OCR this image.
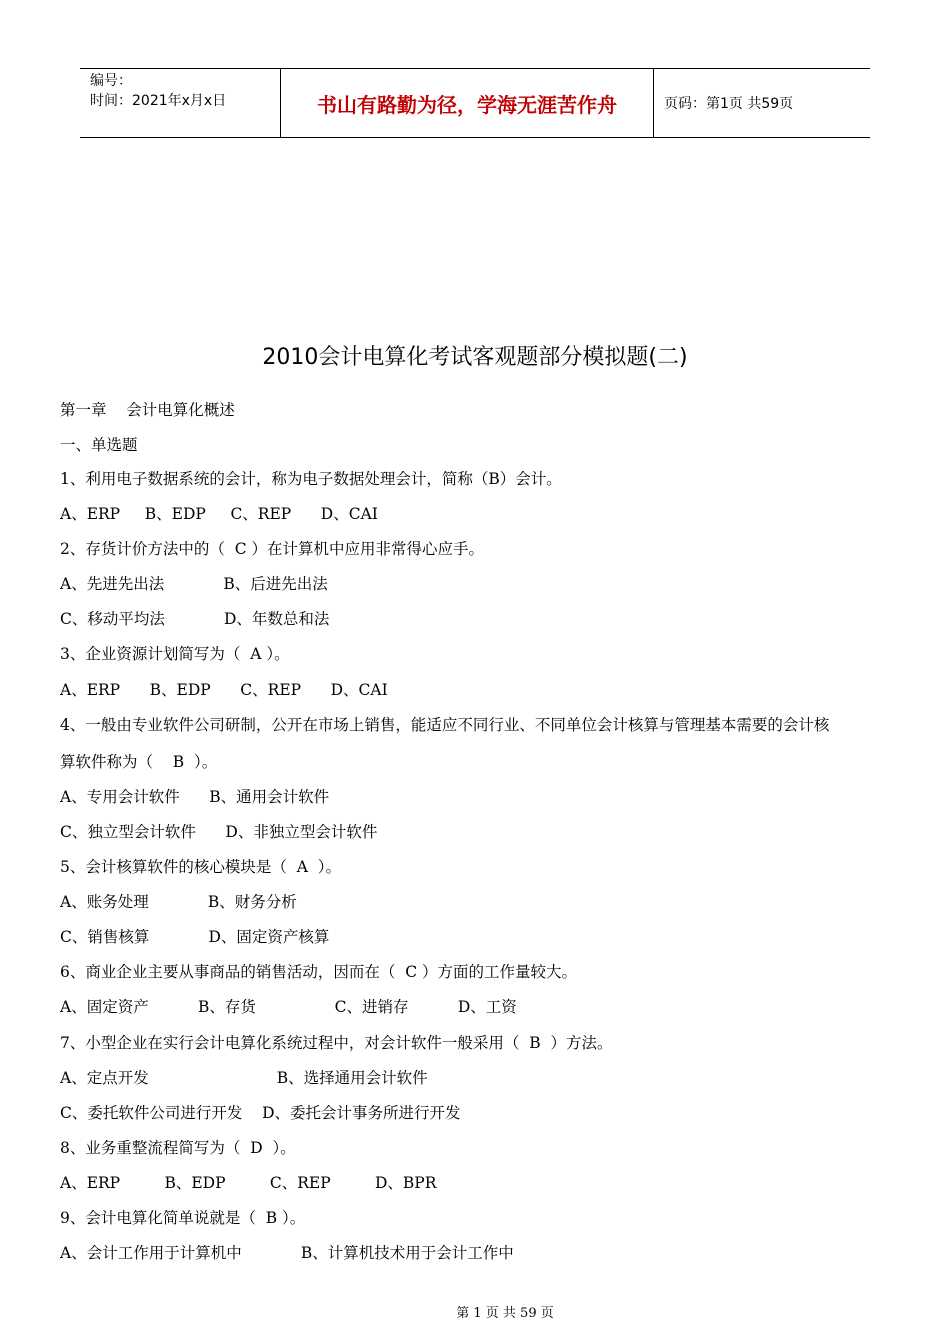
编号：
时间：2021年x月x日	书山有路勤为径，学海无涯苦作舟	页码：第1页 共59页
2010会计电算化考试客观题部分模拟题(二)
第一章    会计电算化概述
一、单选题
1、利用电子数据系统的会计，称为电子数据处理会计，简称（B）会计。
A、ERP     B、EDP     C、REP      D、CAI
2、存货计价方法中的（  C ）在计算机中应用非常得心应手。
A、先进先出法            B、后进先出法
C、移动平均法            D、年数总和法
3、企业资源计划简写为（  A ）。
A、ERP      B、EDP      C、REP      D、CAI
4、一般由专业软件公司研制，公开在市场上销售，能适应不同行业、不同单位会计核算与管理基本需要的会计核
算软件称为（    B  ）。
A、专用会计软件      B、通用会计软件
C、独立型会计软件      D、非独立型会计软件
5、会计核算软件的核心模块是（  A  ）。
A、账务处理            B、财务分析
C、销售核算            D、固定资产核算
6、商业企业主要从事商品的销售活动，因而在（  C ）方面的工作量较大。
A、固定资产          B、存货                C、进销存          D、工资
7、小型企业在实行会计电算化系统过程中，对会计软件一般采用（  B  ）方法。
A、定点开发                          B、选择通用会计软件
C、委托软件公司进行开发    D、委托会计事务所进行开发
8、业务重整流程简写为（  D  ）。
A、ERP         B、EDP         C、REP         D、BPR
9、会计电算化简单说就是（  B ）。
A、会计工作用于计算机中            B、计算机技术用于会计工作中
第 1 页 共 59 页
